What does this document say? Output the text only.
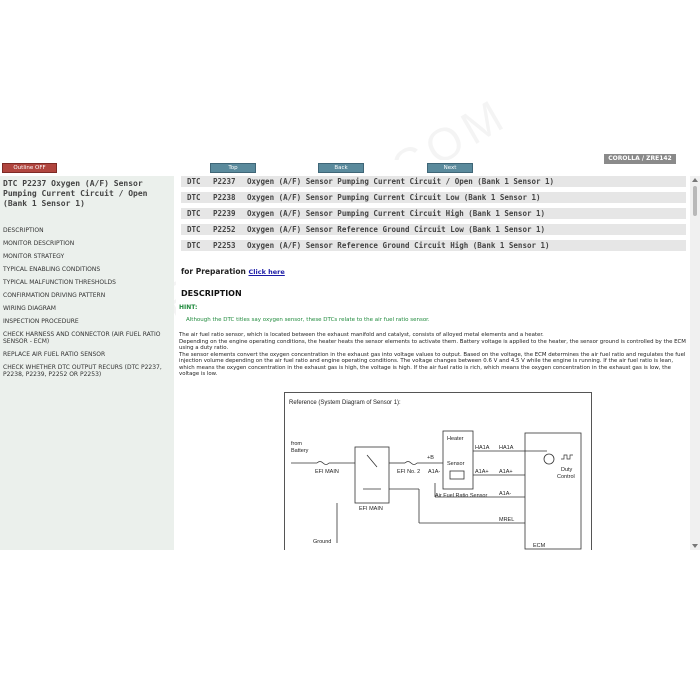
Outline OFF	Top	Back	Next
COROLLA / ZRE142
DTC P2237 Oxygen (A/F) Sensor Pumping Current Circuit / Open (Bank 1 Sensor 1)
DESCRIPTION
MONITOR DESCRIPTION
MONITOR STRATEGY
TYPICAL ENABLING CONDITIONS
TYPICAL MALFUNCTION THRESHOLDS
CONFIRMATION DRIVING PATTERN
WIRING DIAGRAM
INSPECTION PROCEDURE
CHECK HARNESS AND CONNECTOR (AIR FUEL RATIO SENSOR - ECM)
REPLACE AIR FUEL RATIO SENSOR
CHECK WHETHER DTC OUTPUT RECURS (DTC P2237, P2238, P2239, P2252 OR P2253)
DTC P2237 Oxygen (A/F) Sensor Pumping Current Circuit / Open (Bank 1 Sensor 1)
DTC P2238 Oxygen (A/F) Sensor Pumping Current Circuit Low (Bank 1 Sensor 1)
DTC P2239 Oxygen (A/F) Sensor Pumping Current Circuit High (Bank 1 Sensor 1)
DTC P2252 Oxygen (A/F) Sensor Reference Ground Circuit Low (Bank 1 Sensor 1)
DTC P2253 Oxygen (A/F) Sensor Reference Ground Circuit High (Bank 1 Sensor 1)
for Preparation Click here
DESCRIPTION
HINT:
Although the DTC titles say oxygen sensor, these DTCs relate to the air fuel ratio sensor.
The air fuel ratio sensor, which is located between the exhaust manifold and catalyst, consists of alloyed metal elements and a heater.
Depending on the engine operating conditions, the heater heats the sensor elements to activate them. Battery voltage is applied to the heater, the sensor ground is controlled by the ECM using a duty ratio.
The sensor elements convert the oxygen concentration in the exhaust gas into voltage values to output. Based on the voltage, the ECM determines the air fuel ratio and regulates the fuel injection volume depending on the air fuel ratio and engine operating conditions. The voltage changes between 0.6 V and 4.5 V while the engine is running. If the air fuel ratio is lean, which means the oxygen concentration in the exhaust gas is high, the voltage is high. If the air fuel ratio is rich, which means the oxygen concentration in the exhaust gas is low, the voltage is low.
Reference (System Diagram of Sensor 1):
from Battery
EFI MAIN
EFI MAIN
EFI No. 2
+B
Heater
Sensor
Air Fuel Ratio Sensor
HA1A
A1A-	A1A+
HA1A
A1A+
A1A-
MREL
Duty Control
Ground
ECM
